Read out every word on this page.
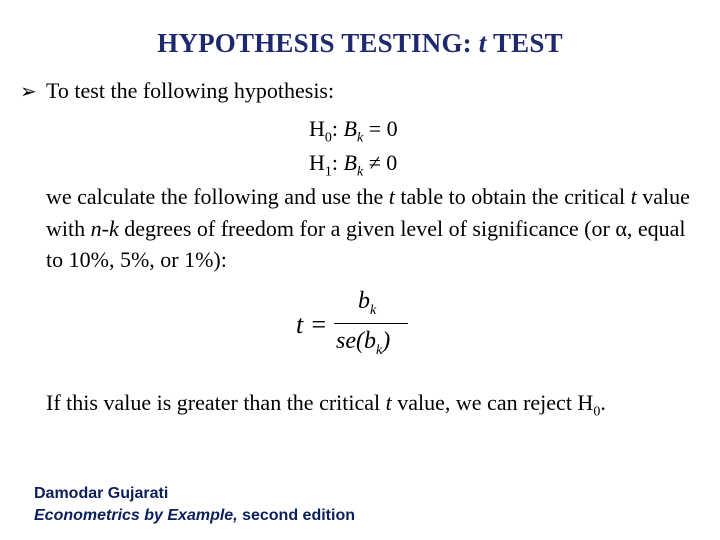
HYPOTHESIS TESTING: t TEST
➢ To test the following hypothesis:
$H_0$: $B_k = 0$
$H_1$: $B_k \ne 0$
we calculate the following and use the t table to obtain the critical t value with n-k degrees of freedom for a given level of significance (or α, equal to 10%, 5%, or 1%):
t =
$b_k$
$se(b_k)$
If this value is greater than the critical t value, we can reject $H_0$.
Damodar Gujarati
Econometrics by Example, second edition
